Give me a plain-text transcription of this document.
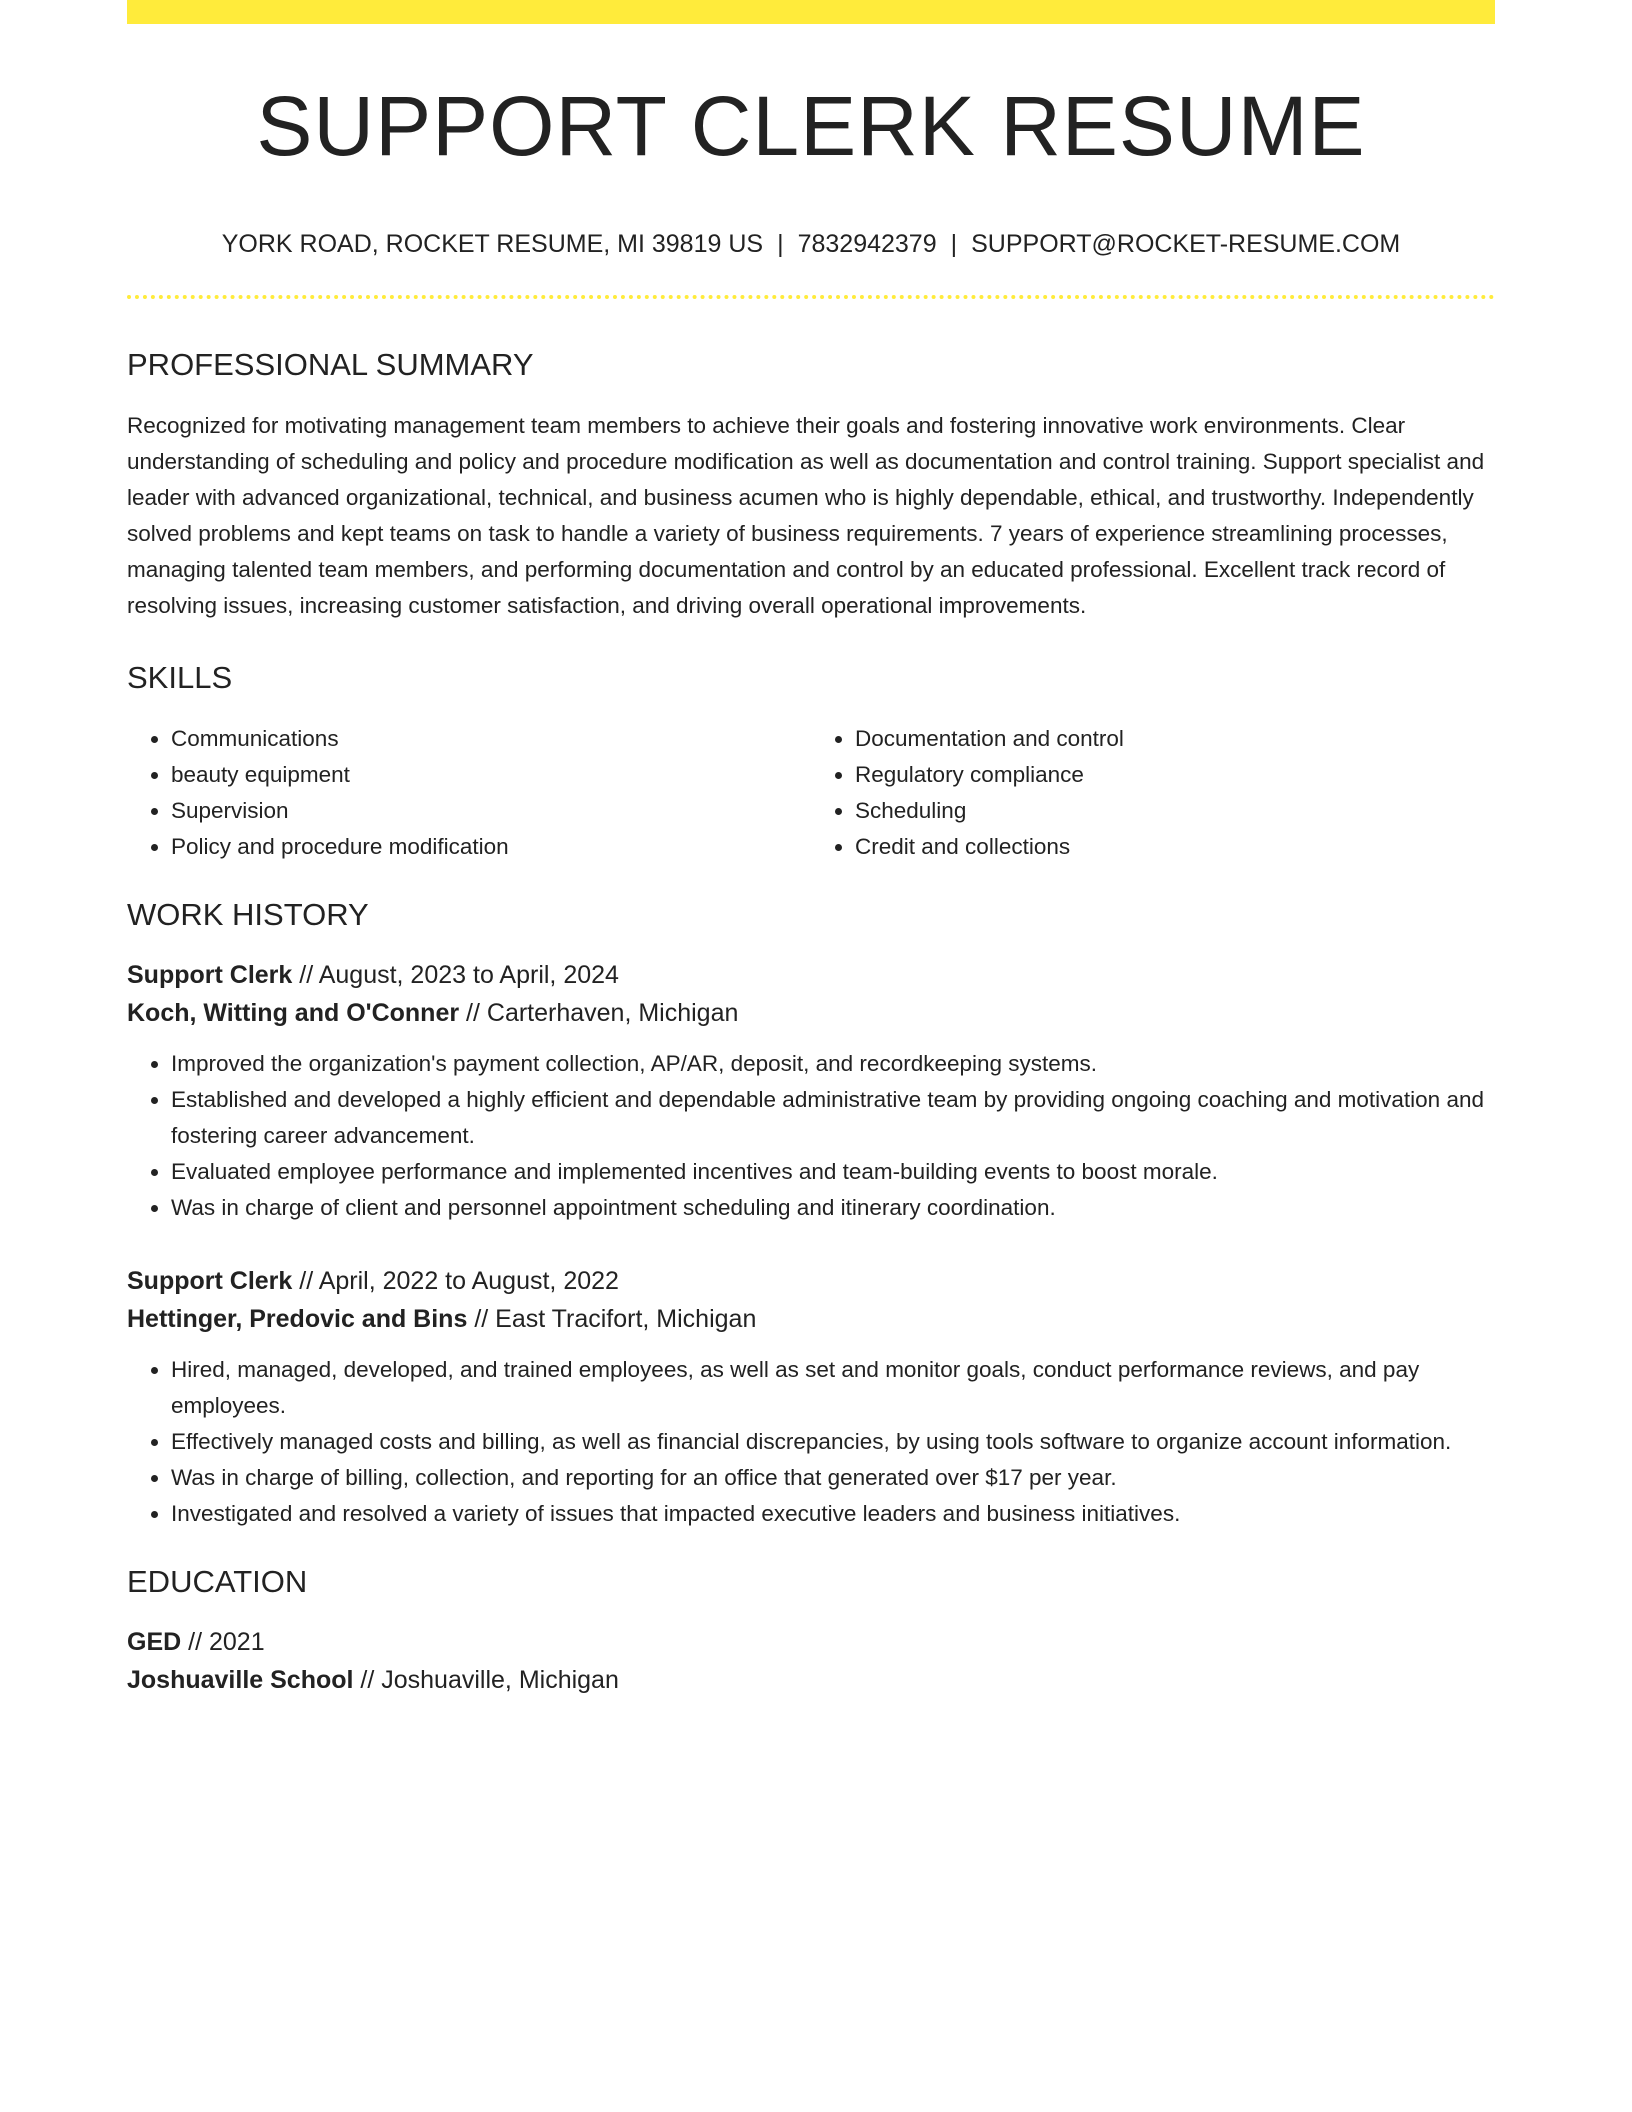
SUPPORT CLERK RESUME
YORK ROAD, ROCKET RESUME, MI 39819 US | 7832942379 | SUPPORT@ROCKET-RESUME.COM
PROFESSIONAL SUMMARY

Recognized for motivating management team members to achieve their goals and fostering innovative work environments. Clear understanding of scheduling and policy and procedure modification as well as documentation and control training. Support specialist and leader with advanced organizational, technical, and business acumen who is highly dependable, ethical, and trustworthy. Independently solved problems and kept teams on task to handle a variety of business requirements. 7 years of experience streamlining processes, managing talented team members, and performing documentation and control by an educated professional. Excellent track record of resolving issues, increasing customer satisfaction, and driving overall operational improvements.

SKILLS
• Communications
• beauty equipment
• Supervision
• Policy and procedure modification
• Documentation and control
• Regulatory compliance
• Scheduling
• Credit and collections
WORK HISTORY
Support Clerk // August, 2023 to April, 2024
Koch, Witting and O'Conner // Carterhaven, Michigan
• Improved the organization's payment collection, AP/AR, deposit, and recordkeeping systems.
• Established and developed a highly efficient and dependable administrative team by providing ongoing coaching and motivation and fostering career advancement.
• Evaluated employee performance and implemented incentives and team-building events to boost morale.
• Was in charge of client and personnel appointment scheduling and itinerary coordination.
Support Clerk // April, 2022 to August, 2022
Hettinger, Predovic and Bins // East Tracifort, Michigan
• Hired, managed, developed, and trained employees, as well as set and monitor goals, conduct performance reviews, and pay employees.
• Effectively managed costs and billing, as well as financial discrepancies, by using tools software to organize account information.
• Was in charge of billing, collection, and reporting for an office that generated over $17 per year.
• Investigated and resolved a variety of issues that impacted executive leaders and business initiatives.
EDUCATION
GED // 2021
Joshuaville School // Joshuaville, Michigan
